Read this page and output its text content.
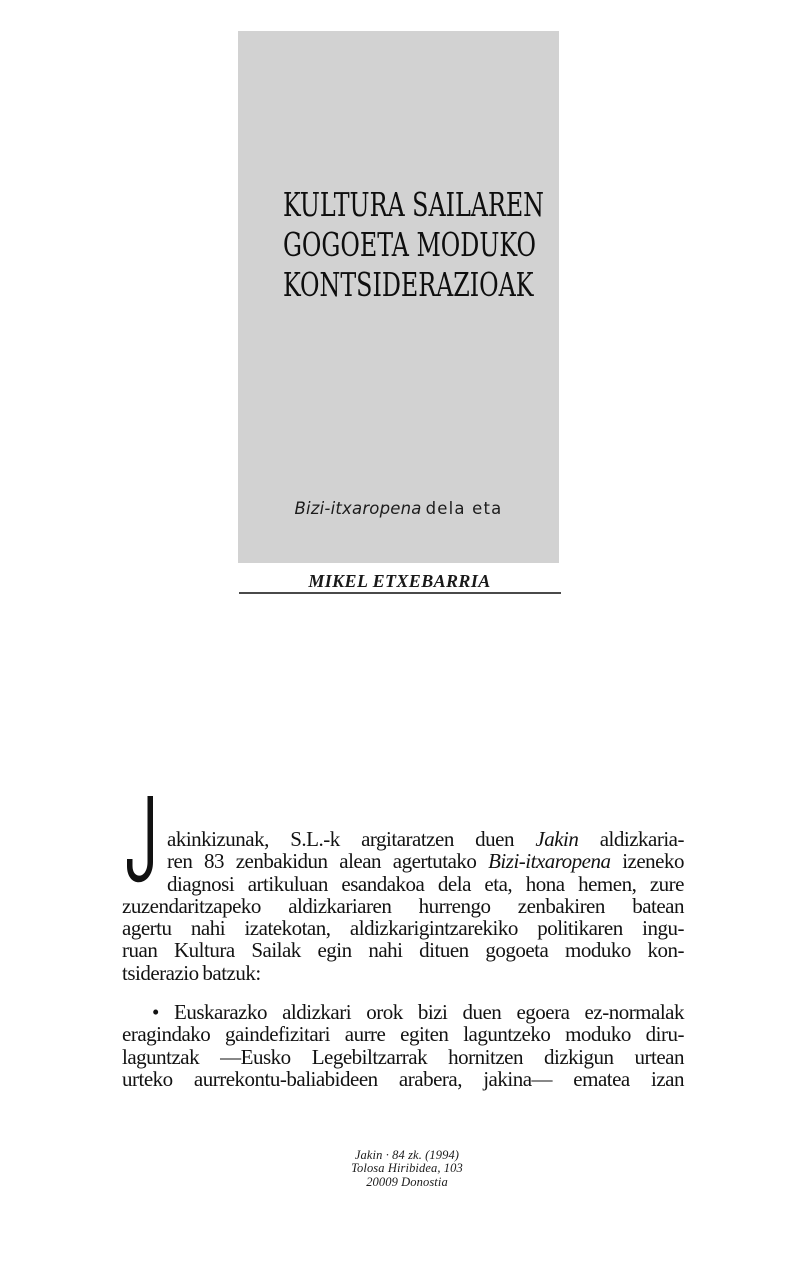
KULTURA SAILAREN
GOGOETA MODUKO
KONTSIDERAZIOAK
Bizi-itxaropena dela eta
MIKEL ETXEBARRIA
akinkizunak, S.L.-k argitaratzen duen Jakin aldizkaria-
ren 83 zenbakidun alean agertutako Bizi-itxaropena izeneko
diagnosi artikuluan esandakoa dela eta, hona hemen, zure
zuzendaritzapeko aldizkariaren hurrengo zenbakiren batean
agertu nahi izatekotan, aldizkarigintzarekiko politikaren ingu-
ruan Kultura Sailak egin nahi dituen gogoeta moduko kon-
tsiderazio batzuk:
• Euskarazko aldizkari orok bizi duen egoera ez-normalak
eragindako gaindefizitari aurre egiten laguntzeko moduko diru-
laguntzak —Eusko Legebiltzarrak hornitzen dizkigun urtean
urteko aurrekontu-baliabideen arabera, jakina— ematea izan
Jakin · 84 zk. (1994)
Tolosa Hiribidea, 103
20009 Donostia
